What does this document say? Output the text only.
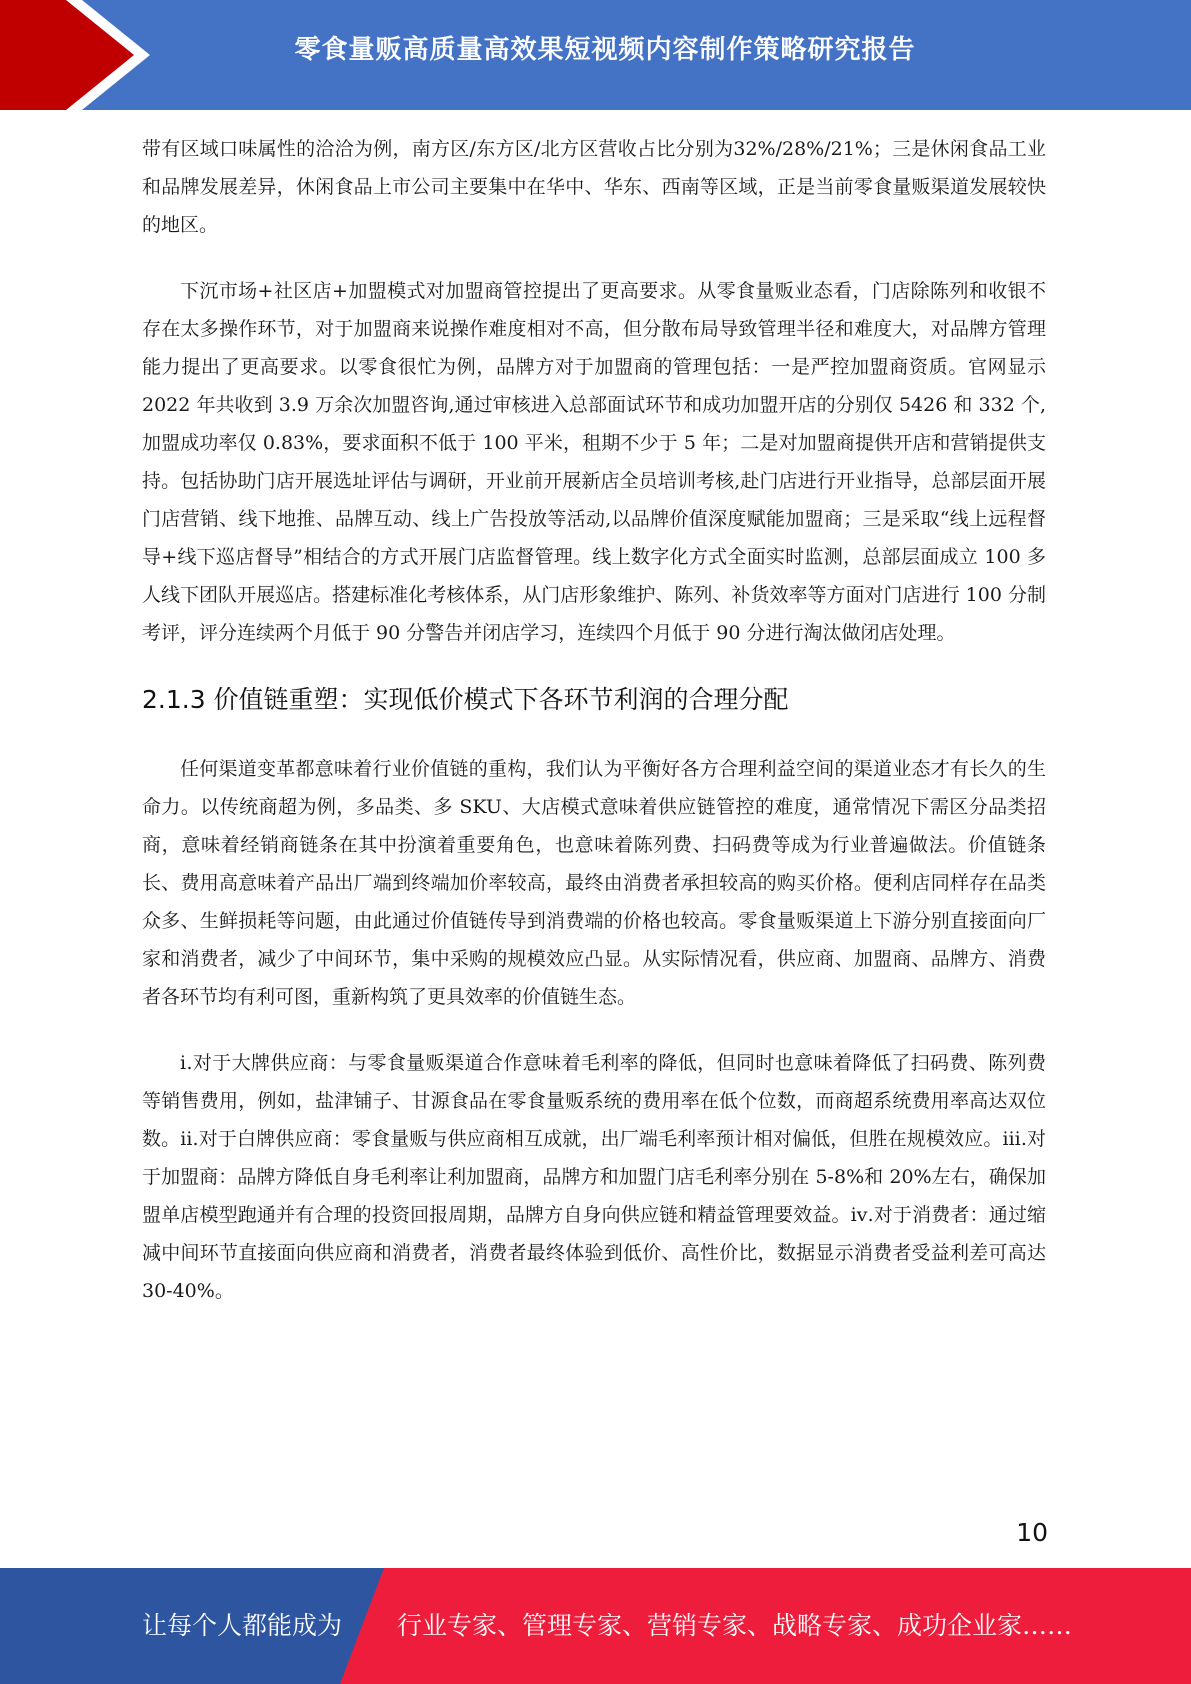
零食量贩高质量高效果短视频内容制作策略研究报告

带有区域口味属性的洽洽为例，南方区/东方区/北方区营收占比分别为32%/28%/21%；三是休闲食品工业和品牌发展差异，休闲食品上市公司主要集中在华中、华东、西南等区域，正是当前零食量贩渠道发展较快的地区。

下沉市场+社区店+加盟模式对加盟商管控提出了更高要求。从零食量贩业态看，门店除陈列和收银不存在太多操作环节，对于加盟商来说操作难度相对不高，但分散布局导致管理半径和难度大，对品牌方管理能力提出了更高要求。以零食很忙为例，品牌方对于加盟商的管理包括：一是严控加盟商资质。官网显示 2022 年共收到 3.9 万余次加盟咨询,通过审核进入总部面试环节和成功加盟开店的分别仅 5426 和 332 个,加盟成功率仅 0.83%，要求面积不低于 100 平米，租期不少于 5 年；二是对加盟商提供开店和营销提供支持。包括协助门店开展选址评估与调研，开业前开展新店全员培训考核,赴门店进行开业指导，总部层面开展门店营销、线下地推、品牌互动、线上广告投放等活动,以品牌价值深度赋能加盟商；三是采取“线上远程督导+线下巡店督导”相结合的方式开展门店监督管理。线上数字化方式全面实时监测，总部层面成立 100 多人线下团队开展巡店。搭建标准化考核体系，从门店形象维护、陈列、补货效率等方面对门店进行 100 分制考评，评分连续两个月低于 90 分警告并闭店学习，连续四个月低于 90 分进行淘汰做闭店处理。

2.1.3 价值链重塑：实现低价模式下各环节利润的合理分配

任何渠道变革都意味着行业价值链的重构，我们认为平衡好各方合理利益空间的渠道业态才有长久的生命力。以传统商超为例，多品类、多 SKU、大店模式意味着供应链管控的难度，通常情况下需区分品类招商，意味着经销商链条在其中扮演着重要角色，也意味着陈列费、扫码费等成为行业普遍做法。价值链条长、费用高意味着产品出厂端到终端加价率较高，最终由消费者承担较高的购买价格。便利店同样存在品类众多、生鲜损耗等问题，由此通过价值链传导到消费端的价格也较高。零食量贩渠道上下游分别直接面向厂家和消费者，减少了中间环节，集中采购的规模效应凸显。从实际情况看，供应商、加盟商、品牌方、消费者各环节均有利可图，重新构筑了更具效率的价值链生态。

ⅰ.对于大牌供应商：与零食量贩渠道合作意味着毛利率的降低，但同时也意味着降低了扫码费、陈列费等销售费用，例如，盐津铺子、甘源食品在零食量贩系统的费用率在低个位数，而商超系统费用率高达双位数。ⅱ.对于白牌供应商：零食量贩与供应商相互成就，出厂端毛利率预计相对偏低，但胜在规模效应。ⅲ.对于加盟商：品牌方降低自身毛利率让利加盟商，品牌方和加盟门店毛利率分别在 5-8%和 20%左右，确保加盟单店模型跑通并有合理的投资回报周期，品牌方自身向供应链和精益管理要效益。ⅳ.对于消费者：通过缩减中间环节直接面向供应商和消费者，消费者最终体验到低价、高性价比，数据显示消费者受益利差可高达 30-40%。

10
让每个人都能成为 行业专家、管理专家、营销专家、战略专家、成功企业家……
